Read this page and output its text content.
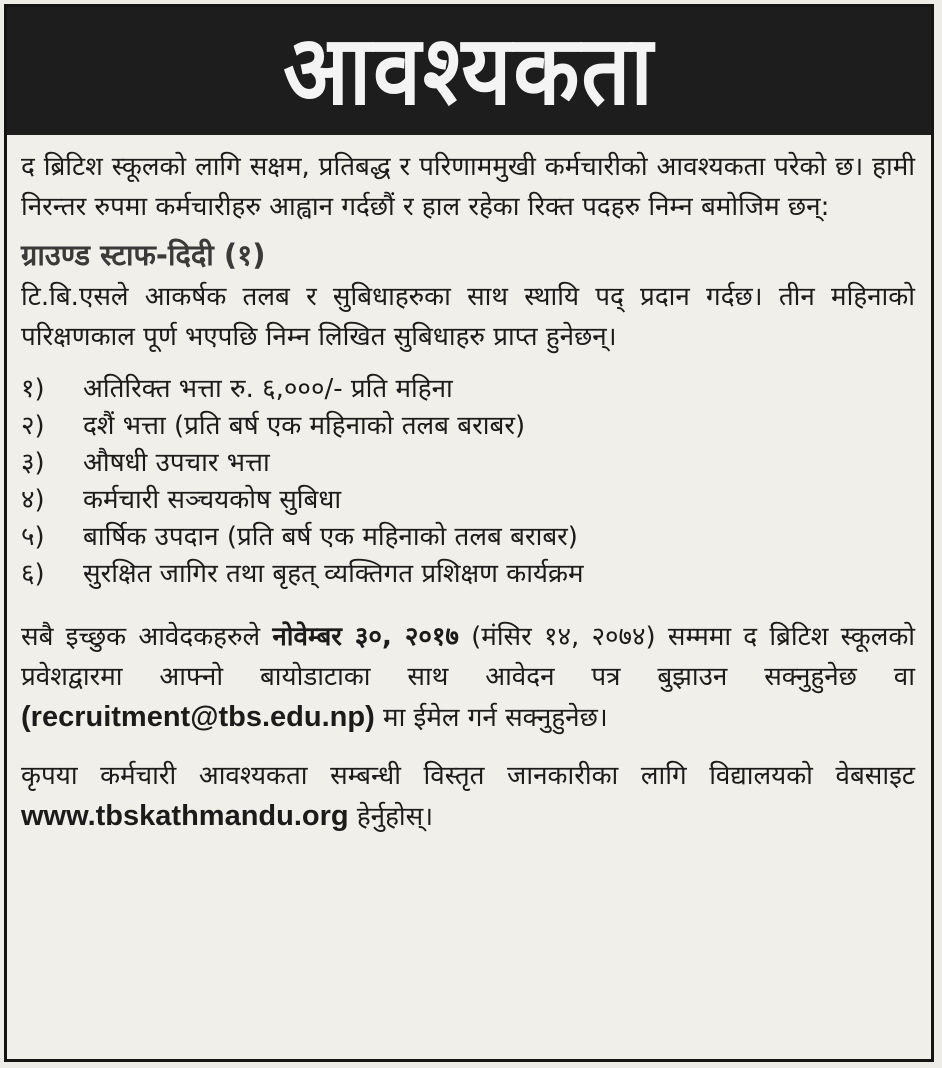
आवश्यकता

द ब्रिटिश स्कूलको लागि सक्षम, प्रतिबद्ध र परिणाममुखी कर्मचारीको आवश्यकता परेको छ। हामी निरन्तर रुपमा कर्मचारीहरु आह्वान गर्दछौं र हाल रहेका रिक्त पदहरु निम्न बमोजिम छन्:

ग्राउण्ड स्टाफ-दिदी (१)

टि.बि.एसले आकर्षक तलब र सुबिधाहरुका साथ स्थायि पद् प्रदान गर्दछ। तीन महिनाको परिक्षणकाल पूर्ण भएपछि निम्न लिखित सुबिधाहरु प्राप्त हुनेछन्।

१)	अतिरिक्त भत्ता रु. ६,०००/- प्रति महिना
२)	दशैं भत्ता (प्रति बर्ष एक महिनाको तलब बराबर)
३)	औषधी उपचार भत्ता
४)	कर्मचारी सञ्चयकोष सुबिधा
५)	बार्षिक उपदान (प्रति बर्ष एक महिनाको तलब बराबर)
६)	सुरक्षित जागिर तथा बृहत् व्यक्तिगत प्रशिक्षण कार्यक्रम

सबै इच्छुक आवेदकहरुले नोवेम्बर ३०, २०१७ (मंसिर १४, २०७४) सम्ममा द ब्रिटिश स्कूलको प्रवेशद्वारमा आफ्नो बायोडाटाका साथ आवेदन पत्र बुझाउन सक्नुहुनेछ वा (recruitment@tbs.edu.np) मा ईमेल गर्न सक्नुहुनेछ।

कृपया कर्मचारी आवश्यकता सम्बन्धी विस्तृत जानकारीका लागि विद्यालयको वेबसाइट www.tbskathmandu.org हेर्नुहोस्।
